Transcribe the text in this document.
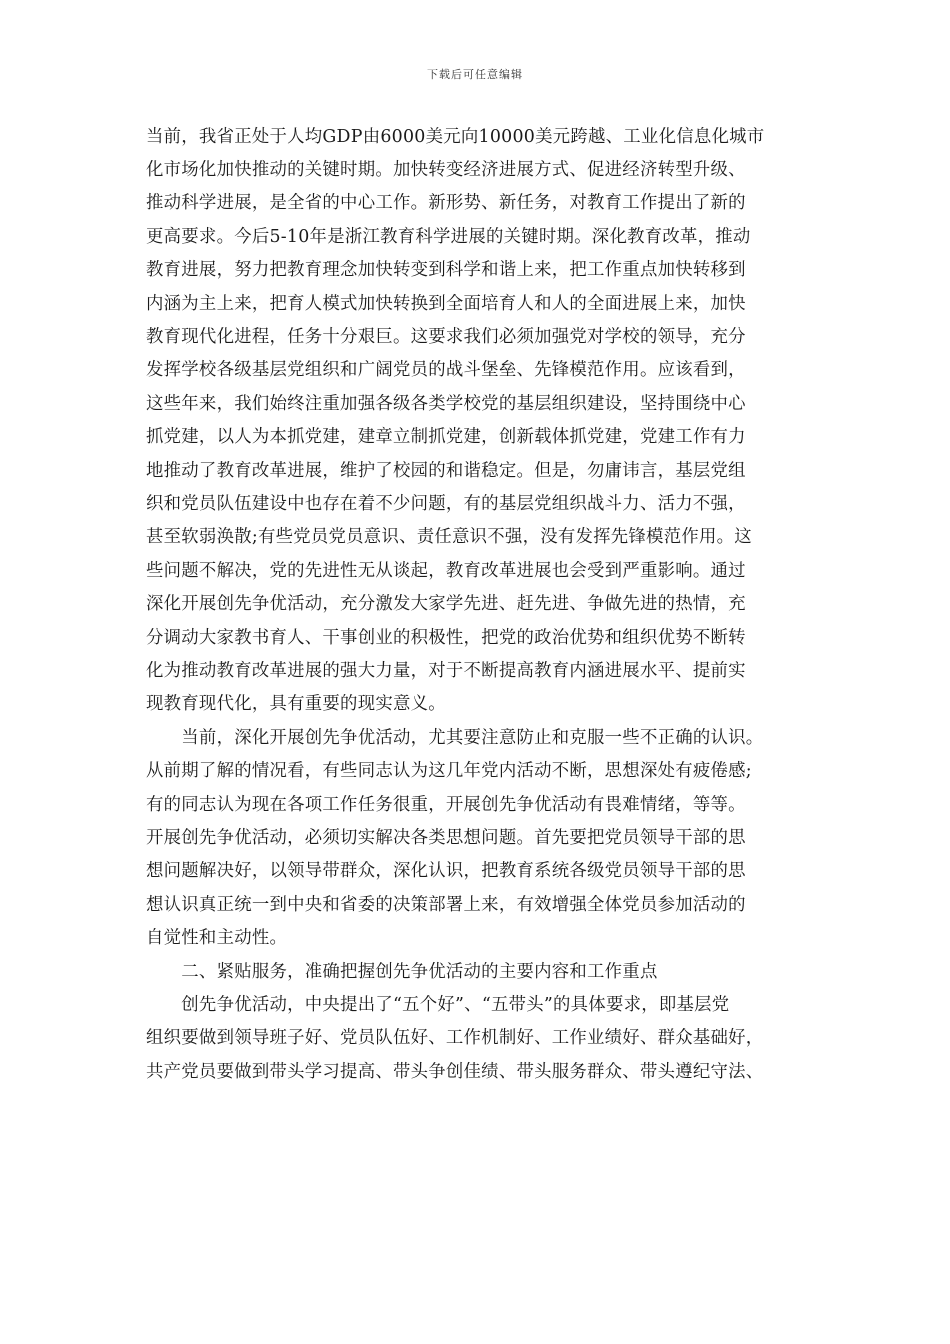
下载后可任意编辑
当前，我省正处于人均GDP由6000美元向10000美元跨越、工业化信息化城市
化市场化加快推动的关键时期。加快转变经济进展方式、促进经济转型升级、
推动科学进展，是全省的中心工作。新形势、新任务，对教育工作提出了新的
更高要求。今后5-10年是浙江教育科学进展的关键时期。深化教育改革，推动
教育进展，努力把教育理念加快转变到科学和谐上来，把工作重点加快转移到
内涵为主上来，把育人模式加快转换到全面培育人和人的全面进展上来，加快
教育现代化进程，任务十分艰巨。这要求我们必须加强党对学校的领导，充分
发挥学校各级基层党组织和广阔党员的战斗堡垒、先锋模范作用。应该看到，
这些年来，我们始终注重加强各级各类学校党的基层组织建设，坚持围绕中心
抓党建，以人为本抓党建，建章立制抓党建，创新载体抓党建，党建工作有力
地推动了教育改革进展，维护了校园的和谐稳定。但是，勿庸讳言，基层党组
织和党员队伍建设中也存在着不少问题，有的基层党组织战斗力、活力不强，
甚至软弱涣散;有些党员党员意识、责任意识不强，没有发挥先锋模范作用。这
些问题不解决，党的先进性无从谈起，教育改革进展也会受到严重影响。通过
深化开展创先争优活动，充分激发大家学先进、赶先进、争做先进的热情，充
分调动大家教书育人、干事创业的积极性，把党的政治优势和组织优势不断转
化为推动教育改革进展的强大力量，对于不断提高教育内涵进展水平、提前实
现教育现代化，具有重要的现实意义。
　　当前，深化开展创先争优活动，尤其要注意防止和克服一些不正确的认识。
从前期了解的情况看，有些同志认为这几年党内活动不断，思想深处有疲倦感;
有的同志认为现在各项工作任务很重，开展创先争优活动有畏难情绪，等等。
开展创先争优活动，必须切实解决各类思想问题。首先要把党员领导干部的思
想问题解决好，以领导带群众，深化认识，把教育系统各级党员领导干部的思
想认识真正统一到中央和省委的决策部署上来，有效增强全体党员参加活动的
自觉性和主动性。
　　二、紧贴服务，准确把握创先争优活动的主要内容和工作重点
　　创先争优活动，中央提出了“五个好”、“五带头”的具体要求，即基层党
组织要做到领导班子好、党员队伍好、工作机制好、工作业绩好、群众基础好，
共产党员要做到带头学习提高、带头争创佳绩、带头服务群众、带头遵纪守法、
